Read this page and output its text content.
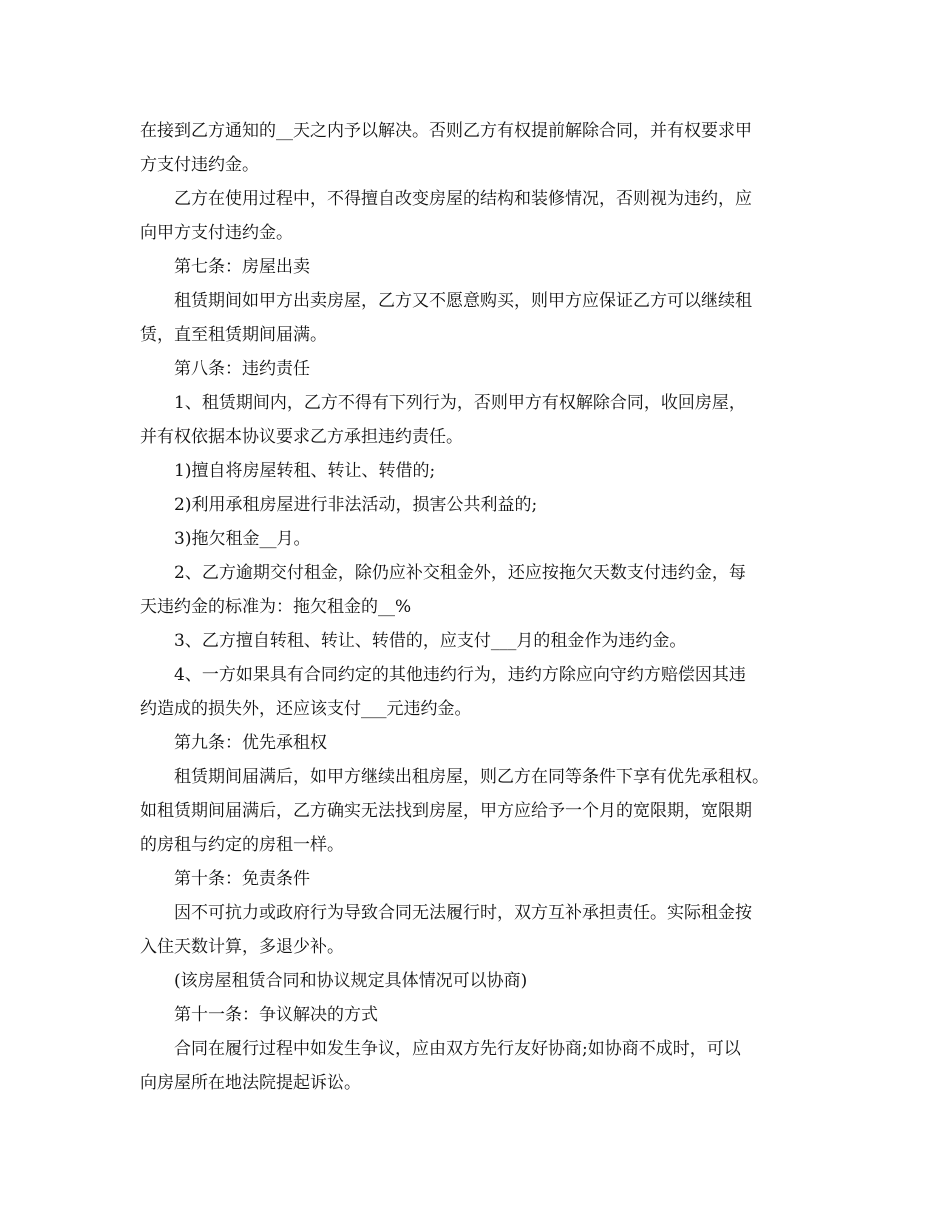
在接到乙方通知的__天之内予以解决。否则乙方有权提前解除合同，并有权要求甲

方支付违约金。

乙方在使用过程中，不得擅自改变房屋的结构和装修情况，否则视为违约，应

向甲方支付违约金。

第七条：房屋出卖

租赁期间如甲方出卖房屋，乙方又不愿意购买，则甲方应保证乙方可以继续租

赁，直至租赁期间届满。

第八条：违约责任

1、租赁期间内，乙方不得有下列行为，否则甲方有权解除合同，收回房屋，

并有权依据本协议要求乙方承担违约责任。

1)擅自将房屋转租、转让、转借的;

2)利用承租房屋进行非法活动，损害公共利益的;

3)拖欠租金__月。

2、乙方逾期交付租金，除仍应补交租金外，还应按拖欠天数支付违约金，每

天违约金的标准为：拖欠租金的__%

3、乙方擅自转租、转让、转借的，应支付___月的租金作为违约金。

4、一方如果具有合同约定的其他违约行为，违约方除应向守约方赔偿因其违

约造成的损失外，还应该支付___元违约金。

第九条：优先承租权

租赁期间届满后，如甲方继续出租房屋，则乙方在同等条件下享有优先承租权。

如租赁期间届满后，乙方确实无法找到房屋，甲方应给予一个月的宽限期，宽限期

的房租与约定的房租一样。

第十条：免责条件

因不可抗力或政府行为导致合同无法履行时，双方互补承担责任。实际租金按

入住天数计算，多退少补。

(该房屋租赁合同和协议规定具体情况可以协商)

第十一条：争议解决的方式

合同在履行过程中如发生争议，应由双方先行友好协商;如协商不成时，可以

向房屋所在地法院提起诉讼。
